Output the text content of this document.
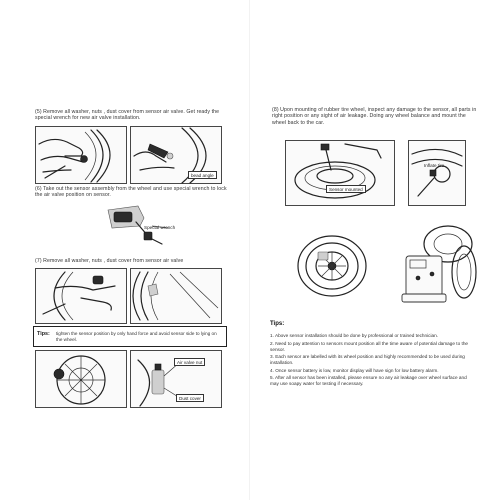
(5) Remove all washer, nuts , dust cover from sensor air valve. Get ready the special wrench for new air valve installation.
bead angle
(6) Take out the sensor assembly from the wheel and use special wrench to lock the air valve position on sensor.
Special wrench
(7) Remove all washer, nuts , dust cover from sensor air valve
Tips: tighten the sensor position by only hand force and avoid sensor side to lying on the wheel.
Air valve nut
Dust cover
(8) Upon mounting of rubber tire wheel, inspect any damage to the sensor, all parts in right position or any sight of air leakage. Doing any wheel balance and mount the wheel back to the car.
Sensor mounted
Inflate tire
Tips:
1. Above sensor installation should be done by professional or trained technician.
2. Need to pay attention to sensors mount position all the time aware of potential damage to the sensor.
3. Each sensor are labelled with its wheel position and highly recommended to be used during installation.
4. Once sensor battery is low, monitor display will have sign for low battery alarm.
5. After all sensor has been installed, please ensure no any air leakage over wheel surface and may use soapy water for testing if necessary.
